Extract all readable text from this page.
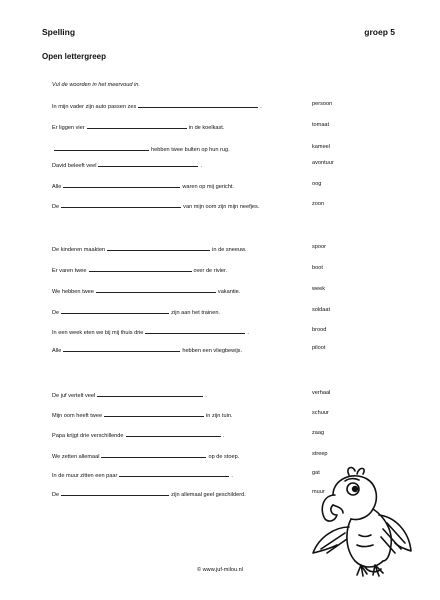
Spelling	groep 5
Open lettergreep
Vul de woorden in het meervoud in.
In mijn vader zijn auto passen zes	.	persoon
Er liggen vier	in de koelkast.	tomaat
hebben twee bulten op hun rug.	kameel
David beleeft veel	.	avontuur
Alle	waren op mij gericht.	oog
De	van mijn oom zijn mijn neefjes.	zoon
De kinderen maakten	in de sneeuw.	spoor
Er varen twee	over de rivier.	boot
We hebben twee	vakantie.	week
De	zijn aan het trainen.	soldaat
In een week eten we bij mij thuis drie	.	brood
Alle	hebben een vliegbewijs.	piloot
De juf vertelt veel	.	verhaal
Mijn oom heeft twee	in zijn tuin.	schuur
Papa krijgt drie verschillende	.	zaag
We zetten allemaal	op de stoep.	streep
In de muur zitten een paar	.	gat
De	zijn allemaal geel geschilderd.	muur
© www.juf-milou.nl
